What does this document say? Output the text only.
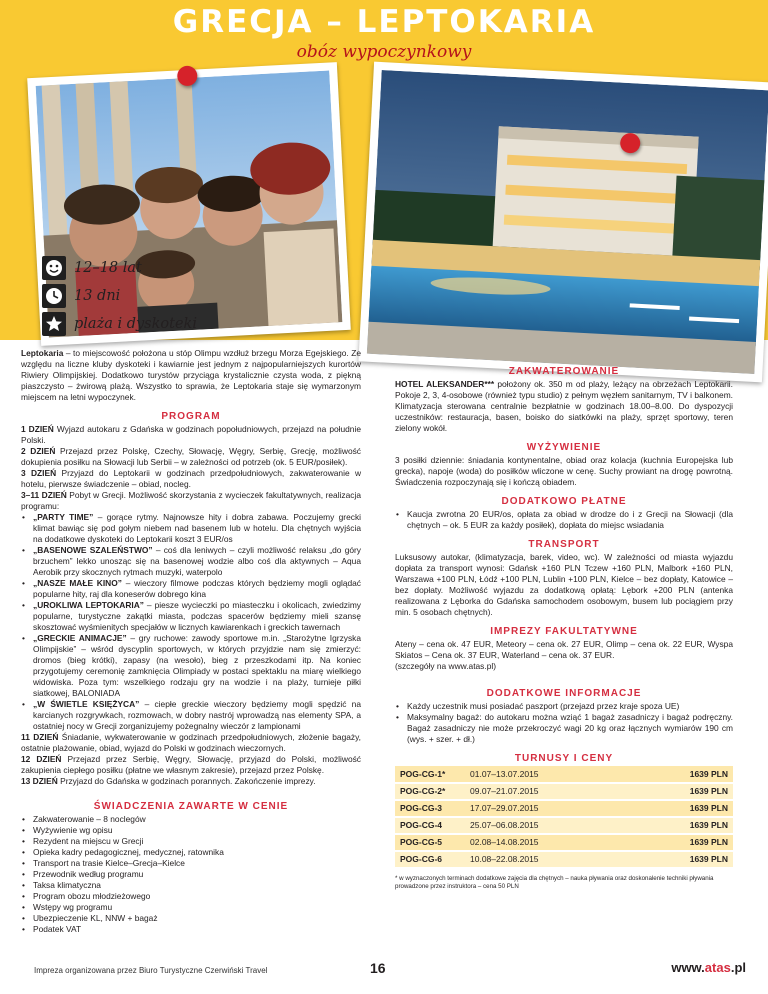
GRECJA – LEPTOKARIA
obóz wypoczynkowy
12–18 lat
13 dni
plaża i dyskoteki

Leptokaria – to miejscowość położona u stóp Olimpu wzdłuż brzegu Morza Egejskiego. Ze względu na liczne kluby dyskoteki i kawiarnie jest jednym z najpopularniejszych kurortów Riwiery Olimpijskiej. Dodatkowo turystów przyciąga krystalicznie czysta woda, z piękną piaszczysto – żwirową plażą. Wszystko to sprawia, że Leptokaria staje się wymarzonym miejscem na letni wypoczynek.

PROGRAM

1 DZIEŃ Wyjazd autokaru z Gdańska w godzinach popołudniowych, przejazd na południe Polski.

2 DZIEŃ Przejazd przez Polskę, Czechy, Słowację, Węgry, Serbię, Grecję, możliwość dokupienia posiłku na Słowacji lub Serbii – w zależności od potrzeb (ok. 5 EUR/posiłek).

3 DZIEŃ Przyjazd do Leptokarii w godzinach przedpołudniowych, zakwaterowanie w hotelu, pierwsze świadczenie – obiad, nocleg.

3–11 DZIEŃ Pobyt w Grecji. Możliwość skorzystania z wycieczek fakultatywnych, realizacja programu:

• „PARTY TIME” – gorące rytmy. Najnowsze hity i dobra zabawa. Poczujemy grecki klimat bawiąc się pod gołym niebem nad basenem lub w hotelu. Dla chętnych wyjścia na dodatkowe dyskoteki do Leptokarii koszt 3 EUR/os
• „BASENOWE SZALEŃSTWO” – coś dla leniwych – czyli możliwość relaksu „do góry brzuchem” lekko unosząc się na basenowej wodzie albo coś dla aktywnych – Aqua Aerobik przy skocznych rytmach muzyki, waterpolo
• „NASZE MAŁE KINO” – wieczory filmowe podczas których będziemy mogli oglądać popularne hity, raj dla koneserów dobrego kina
• „UROKLIWA LEPTOKARIA” – piesze wycieczki po miasteczku i okolicach, zwiedzimy popularne, turystyczne zakątki miasta, podczas spacerów będziemy mieli szansę skosztować wyśmienitych specjałów w licznych kawiarenkach i greckich tawernach
• „GRECKIE ANIMACJE” – gry ruchowe: zawody sportowe m.in. „Starożytne Igrzyska Olimpijskie” – wśród dyscyplin sportowych, w których przyjdzie nam się zmierzyć: dromos (bieg krótki), zapasy (na wesoło), bieg z przeszkodami itp. Na koniec przygotujemy ceremonię zamknięcia Olimpiady w postaci spektaklu na miarę wielkiego widowiska. Poza tym: wszelkiego rodzaju gry na wodzie i na plaży, turnieje piłki siatkowej, BALONIADA
• „W ŚWIETLE KSIĘŻYCA” – ciepłe greckie wieczory będziemy mogli spędzić na karcianych rozgrywkach, rozmowach, w dobry nastrój wprowadzą nas elementy SPA, a ostatniej nocy w Grecji zorganizujemy pożegnalny wieczór z lampionami

11 DZIEŃ Śniadanie, wykwaterowanie w godzinach przedpołudniowych, złożenie bagaży, ostatnie plażowanie, obiad, wyjazd do Polski w godzinach wieczornych.

12 DZIEŃ Przejazd przez Serbię, Węgry, Słowację, przyjazd do Polski, możliwość zakupienia ciepłego posiłku (płatne we własnym zakresie), przejazd przez Polskę.

13 DZIEŃ Przyjazd do Gdańska w godzinach porannych. Zakończenie imprezy.

ŚWIADCZENIA ZAWARTE W CENIE
• Zakwaterowanie – 8 noclegów
• Wyżywienie wg opisu
• Rezydent na miejscu w Grecji
• Opieka kadry pedagogicznej, medycznej, ratownika
• Transport na trasie Kielce–Grecja–Kielce
• Przewodnik według programu
• Taksa klimatyczna
• Program obozu młodzieżowego
• Wstępy wg programu
• Ubezpieczenie KL, NNW + bagaż
• Podatek VAT
ZAKWATEROWANIE

HOTEL ALEKSANDER*** położony ok. 350 m od plaży, leżący na obrzeżach Leptokarii. Pokoje 2, 3, 4-osobowe (również typu studio) z pełnym węzłem sanitarnym, TV i balkonem. Klimatyzacja sterowana centralnie bezpłatnie w godzinach 18.00–8.00. Do dyspozycji uczestników: restauracja, basen, boisko do siatkówki na plaży, sprzęt sportowy, teren zielony wokół.

WYŻYWIENIE

3 posiłki dziennie: śniadania kontynentalne, obiad oraz kolacja (kuchnia Europejska lub grecka), napoje (woda) do posiłków wliczone w cenę. Suchy prowiant na drogę powrotną. Świadczenia rozpoczynają się i kończą obiadem.

DODATKOWO PŁATNE
• Kaucja zwrotna 20 EUR/os, opłata za obiad w drodze do i z Grecji na Słowacji (dla chętnych – ok. 5 EUR za każdy posiłek), dopłata do miejsc wsiadania
TRANSPORT

Luksusowy autokar, (klimatyzacja, barek, video, wc). W zależności od miasta wyjazdu dopłata za transport wynosi: Gdańsk +160 PLN Tczew +160 PLN, Malbork +160 PLN, Warszawa +100 PLN, Łódź +100 PLN, Lublin +100 PLN, Kielce – bez dopłaty, Katowice – bez dopłaty. Możliwość wyjazdu za dodatkową opłatą: Lębork +200 PLN (antenka realizowana z Lęborka do Gdańska samochodem osobowym, busem lub pociągiem przy min. 5 osobach chętnych).

IMPREZY FAKULTATYWNE

Ateny – cena ok. 47 EUR, Meteory – cena ok. 27 EUR, Olimp – cena ok. 22 EUR, Wyspa Skiatos – Cena ok. 37 EUR, Waterland – cena ok. 37 EUR.

(szczegóły na www.atas.pl)

DODATKOWE INFORMACJE
• Każdy uczestnik musi posiadać paszport (przejazd przez kraje spoza UE)
• Maksymalny bagaż: do autokaru można wziąć 1 bagaż zasadniczy i bagaż podręczny. Bagaż zasadniczy nie może przekroczyć wagi 20 kg oraz łącznych wymiarów 190 cm (wys. + szer. + dł.)
TURNUSY I CENY
POG-CG-1*	01.07–13.07.2015	1639 PLN
POG-CG-2*	09.07–21.07.2015	1639 PLN
POG-CG-3	17.07–29.07.2015	1639 PLN
POG-CG-4	25.07–06.08.2015	1639 PLN
POG-CG-5	02.08–14.08.2015	1639 PLN
POG-CG-6	10.08–22.08.2015	1639 PLN

* w wyznaczonych terminach dodatkowe zajęcia dla chętnych – nauka pływania oraz doskonalenie techniki pływania prowadzone przez instruktora – cena 50 PLN

Impreza organizowana przez Biuro Turystyczne Czerwiński Travel	16	www.atas.pl
